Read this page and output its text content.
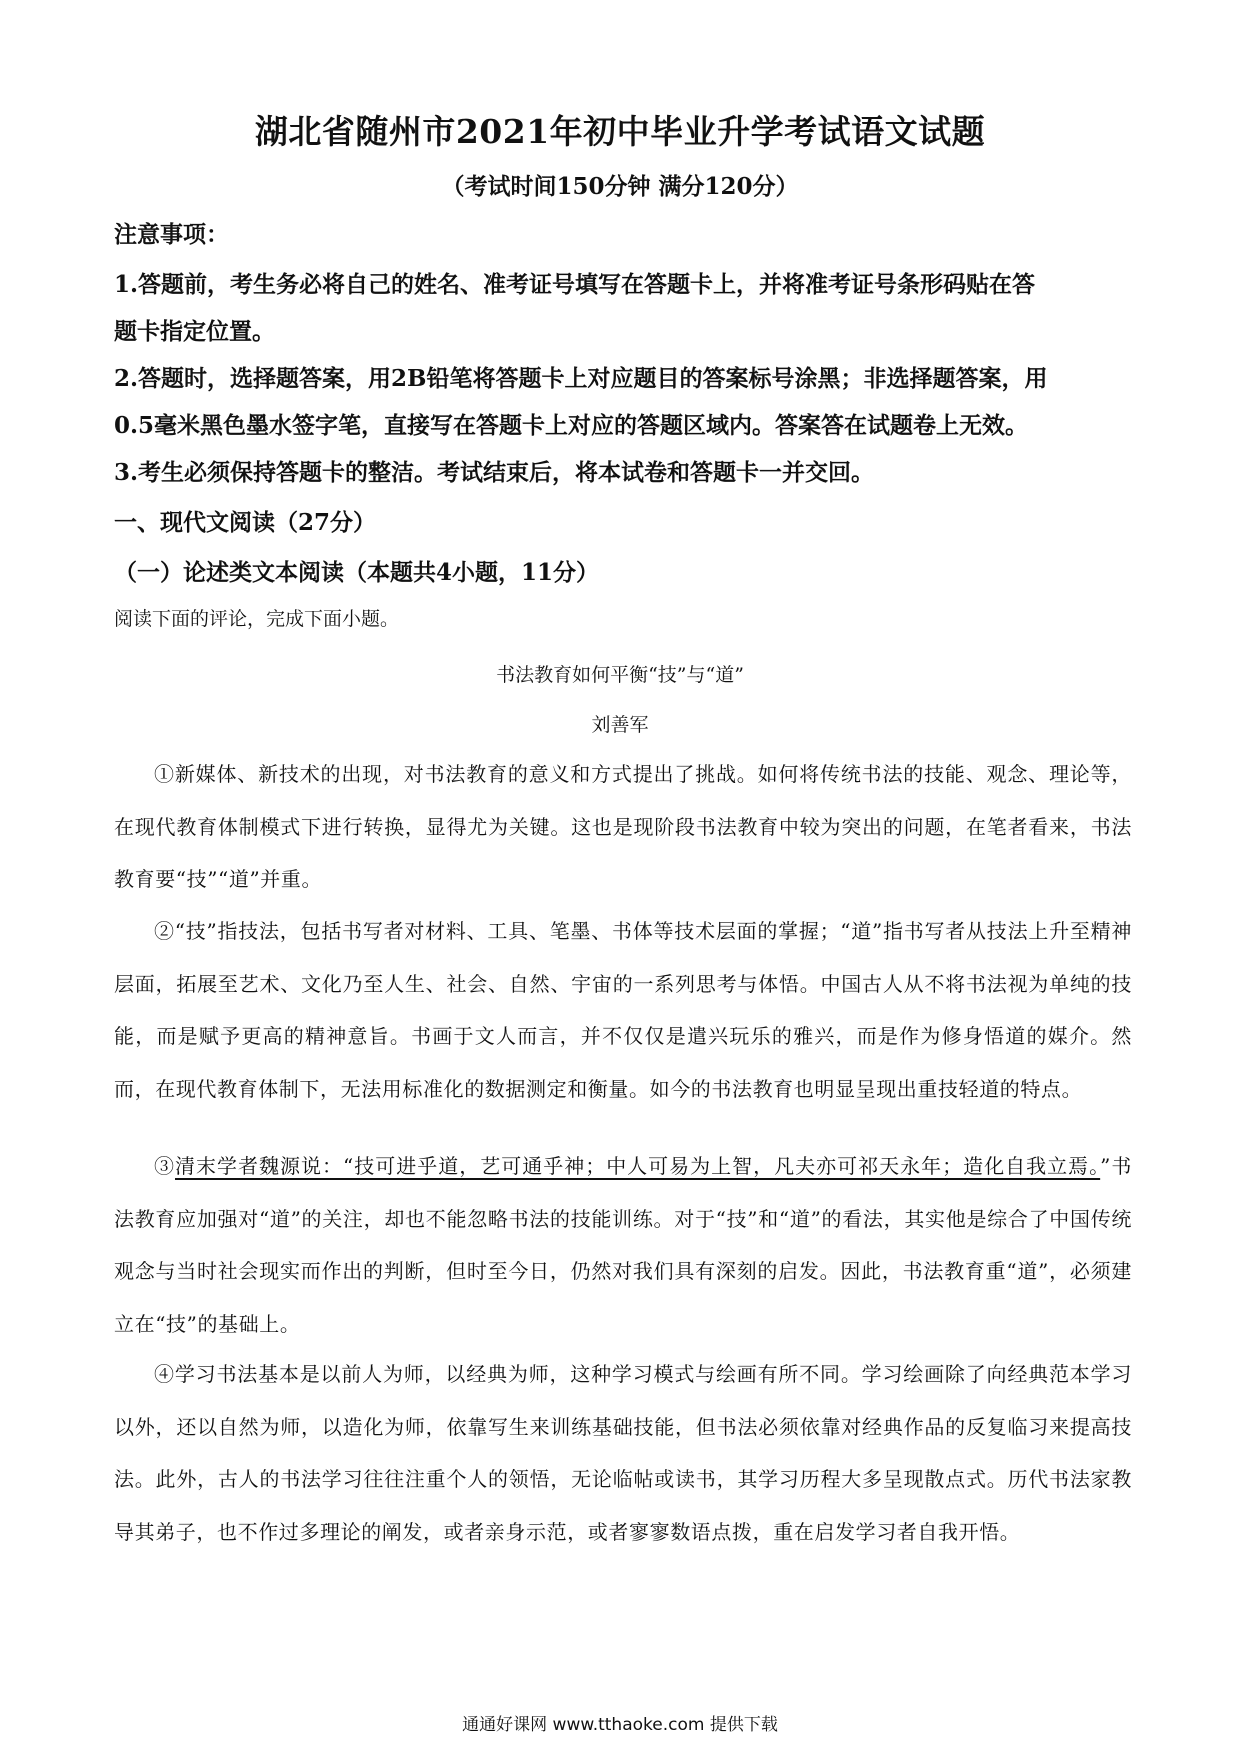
湖北省随州市2021年初中毕业升学考试语文试题
（考试时间150分钟 满分120分）
注意事项：
1.答题前，考生务必将自己的姓名、准考证号填写在答题卡上，并将准考证号条形码贴在答
题卡指定位置。
2.答题时，选择题答案，用2B铅笔将答题卡上对应题目的答案标号涂黑；非选择题答案，用
0.5毫米黑色墨水签字笔，直接写在答题卡上对应的答题区域内。答案答在试题卷上无效。
3.考生必须保持答题卡的整洁。考试结束后，将本试卷和答题卡一并交回。
一、现代文阅读（27分）
（一）论述类文本阅读（本题共4小题，11分）
阅读下面的评论，完成下面小题。
书法教育如何平衡“技”与“道”
刘善军
①新媒体、新技术的出现，对书法教育的意义和方式提出了挑战。如何将传统书法的技能、观念、理论等，在现代教育体制模式下进行转换，显得尤为关键。这也是现阶段书法教育中较为突出的问题，在笔者看来，书法教育要“技”“道”并重。
②“技”指技法，包括书写者对材料、工具、笔墨、书体等技术层面的掌握；“道”指书写者从技法上升至精神层面，拓展至艺术、文化乃至人生、社会、自然、宇宙的一系列思考与体悟。中国古人从不将书法视为单纯的技能，而是赋予更高的精神意旨。书画于文人而言，并不仅仅是遣兴玩乐的雅兴，而是作为修身悟道的媒介。然而，在现代教育体制下，无法用标准化的数据测定和衡量。如今的书法教育也明显呈现出重技轻道的特点。
③清末学者魏源说：“技可进乎道，艺可通乎神；中人可易为上智，凡夫亦可祁天永年；造化自我立焉。”书法教育应加强对“道”的关注，却也不能忽略书法的技能训练。对于“技”和“道”的看法，其实他是综合了中国传统观念与当时社会现实而作出的判断，但时至今日，仍然对我们具有深刻的启发。因此，书法教育重“道”，必须建立在“技”的基础上。
④学习书法基本是以前人为师，以经典为师，这种学习模式与绘画有所不同。学习绘画除了向经典范本学习以外，还以自然为师，以造化为师，依靠写生来训练基础技能，但书法必须依靠对经典作品的反复临习来提高技法。此外，古人的书法学习往往注重个人的领悟，无论临帖或读书，其学习历程大多呈现散点式。历代书法家教导其弟子，也不作过多理论的阐发，或者亲身示范，或者寥寥数语点拨，重在启发学习者自我开悟。
通通好课网 www.tthaoke.com 提供下载
